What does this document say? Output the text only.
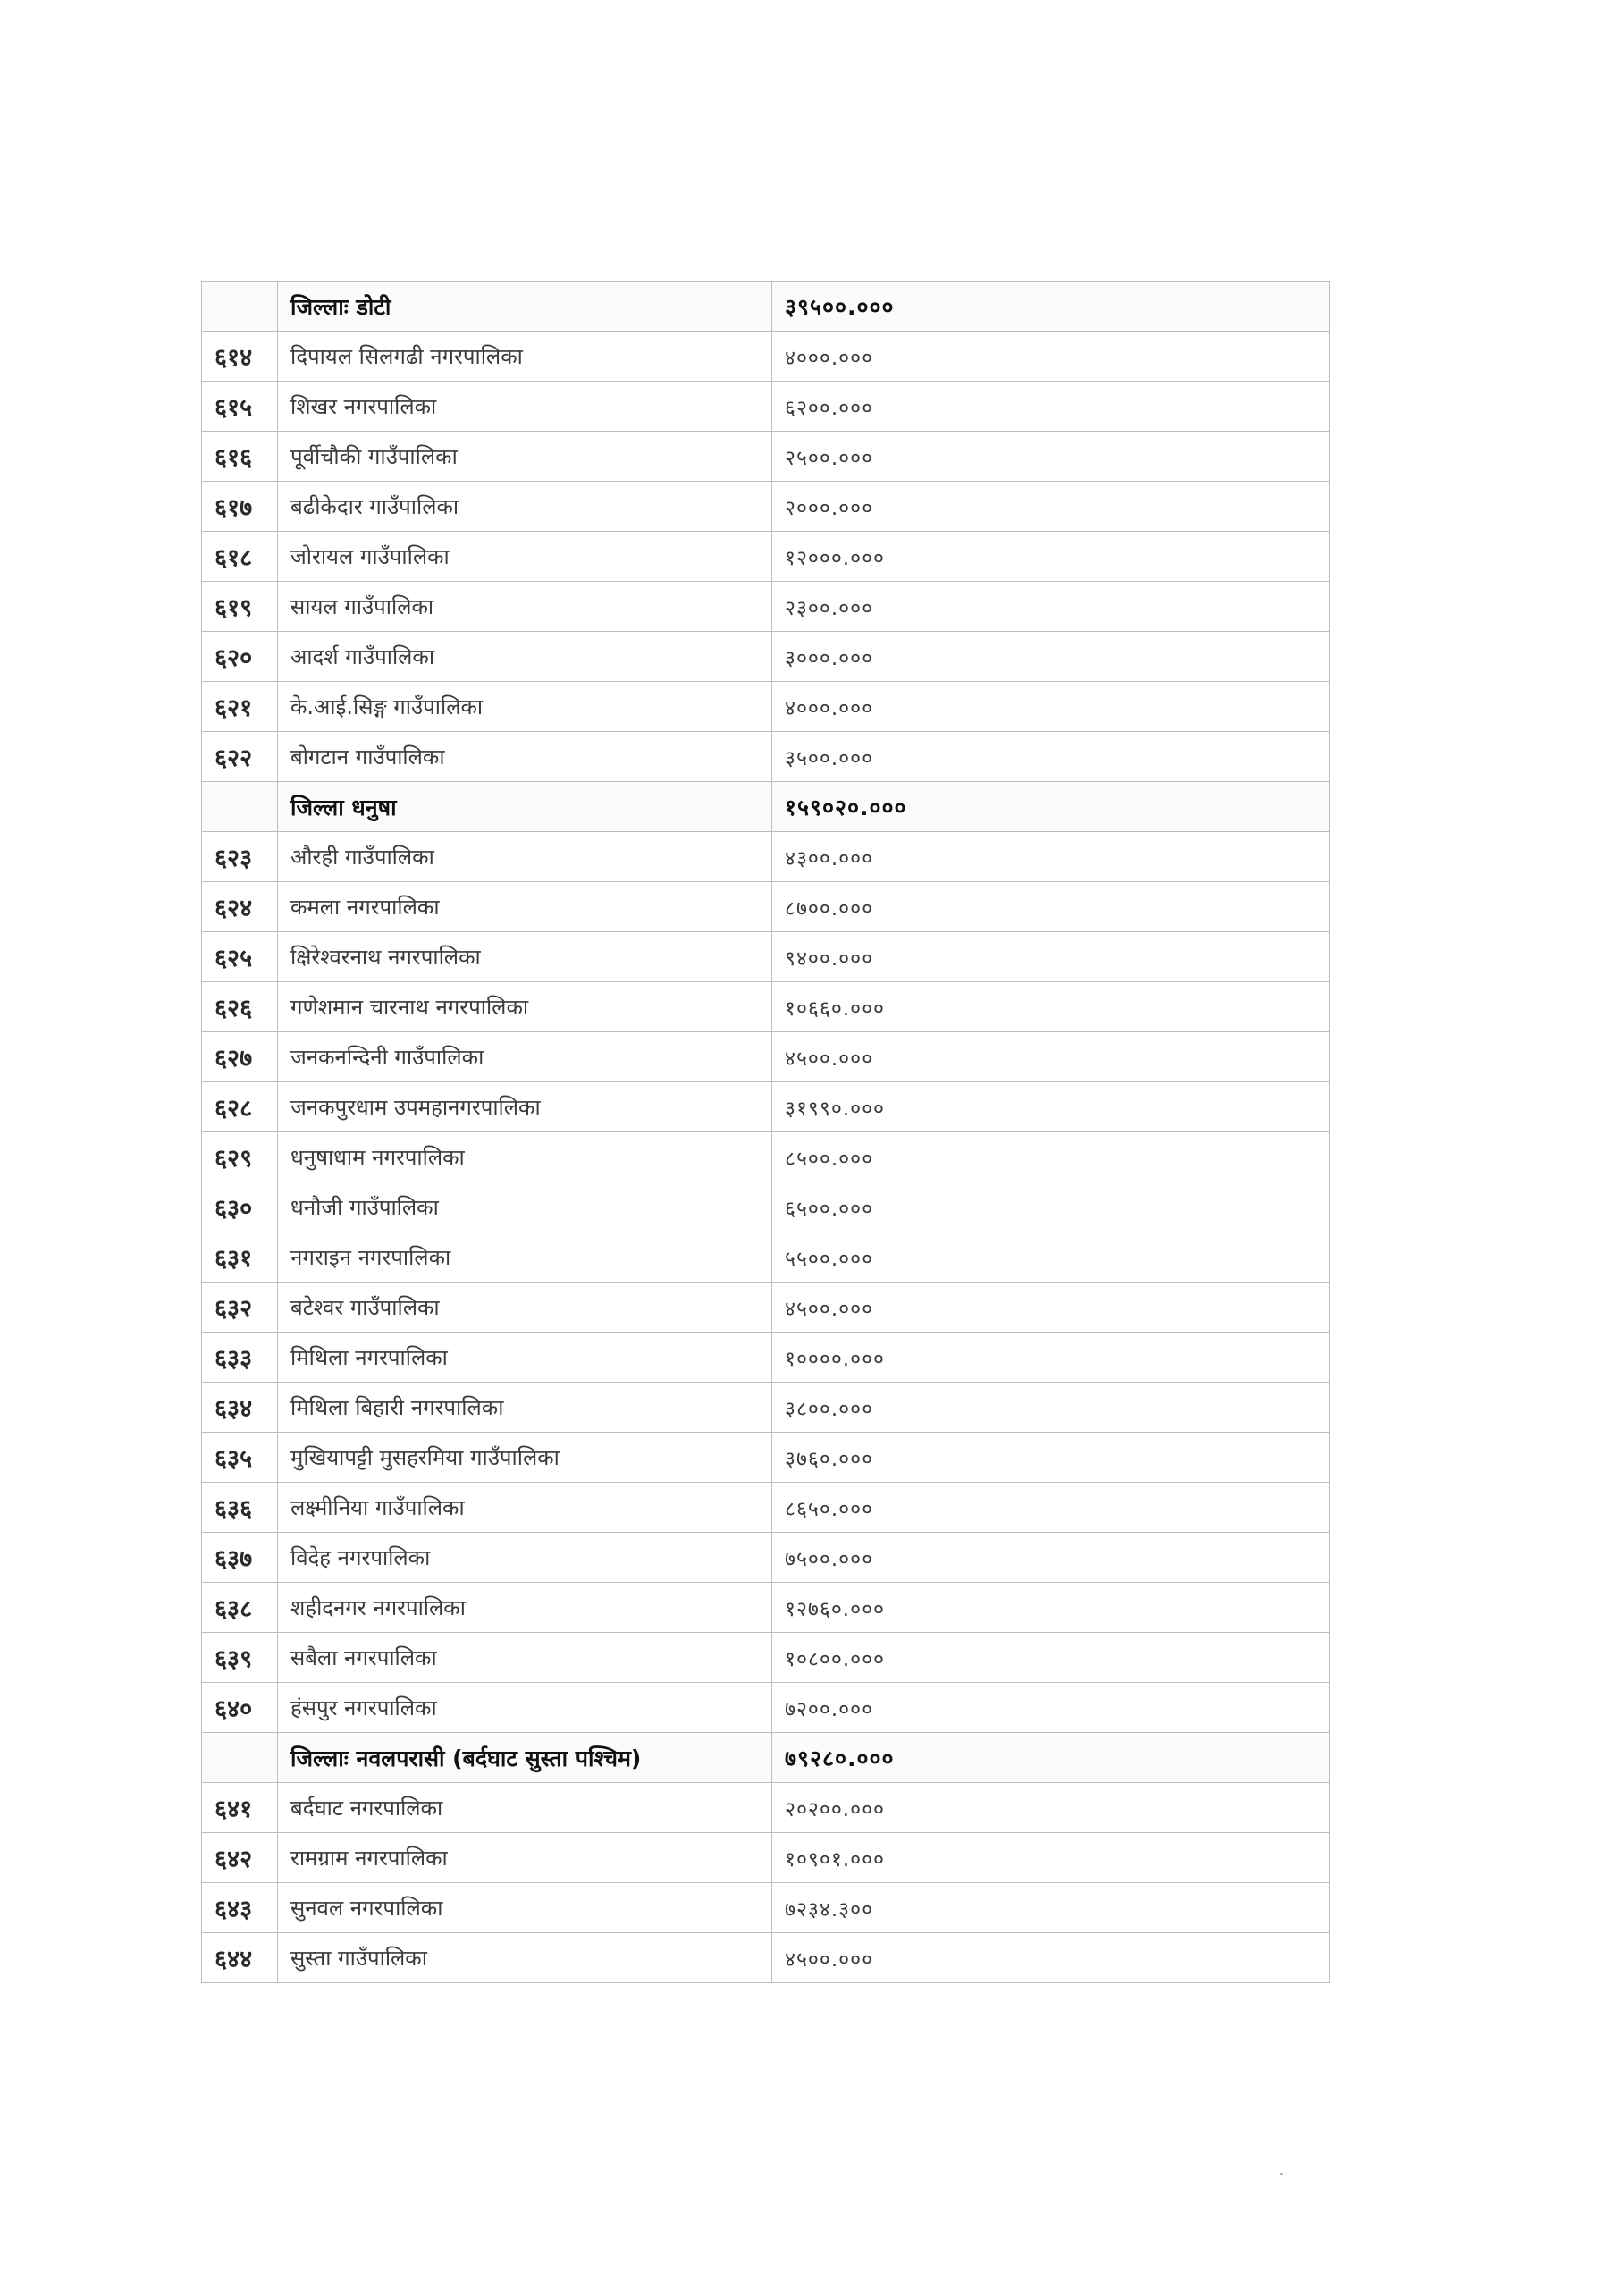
	जिल्लाः डोटी	३९५००.०००
६१४	दिपायल सिलगढी नगरपालिका	४०००.०००
६१५	शिखर नगरपालिका	६२००.०००
६१६	पूर्वीचौकी गाउँपालिका	२५००.०००
६१७	बढीकेदार गाउँपालिका	२०००.०००
६१८	जोरायल गाउँपालिका	१२०००.०००
६१९	सायल गाउँपालिका	२३००.०००
६२०	आदर्श गाउँपालिका	३०००.०००
६२१	के.आई.सिङ्ग गाउँपालिका	४०००.०००
६२२	बोगटान गाउँपालिका	३५००.०००
	जिल्ला धनुषा	१५९०२०.०००
६२३	औरही गाउँपालिका	४३००.०००
६२४	कमला नगरपालिका	८७००.०००
६२५	क्षिरेश्वरनाथ नगरपालिका	९४००.०००
६२६	गणेशमान चारनाथ नगरपालिका	१०६६०.०००
६२७	जनकनन्दिनी गाउँपालिका	४५००.०००
६२८	जनकपुरधाम उपमहानगरपालिका	३१९९०.०००
६२९	धनुषाधाम नगरपालिका	८५००.०००
६३०	धनौजी गाउँपालिका	६५००.०००
६३१	नगराइन नगरपालिका	५५००.०००
६३२	बटेश्वर गाउँपालिका	४५००.०००
६३३	मिथिला नगरपालिका	१००००.०००
६३४	मिथिला बिहारी नगरपालिका	३८००.०००
६३५	मुखियापट्टी मुसहरमिया गाउँपालिका	३७६०.०००
६३६	लक्ष्मीनिया गाउँपालिका	८६५०.०००
६३७	विदेह नगरपालिका	७५००.०००
६३८	शहीदनगर नगरपालिका	१२७६०.०००
६३९	सबैला नगरपालिका	१०८००.०००
६४०	हंसपुर नगरपालिका	७२००.०००
	जिल्लाः नवलपरासी (बर्दघाट सुस्ता पश्चिम)	७९२८०.०००
६४१	बर्दघाट नगरपालिका	२०२००.०००
६४२	रामग्राम नगरपालिका	१०९०१.०००
६४३	सुनवल नगरपालिका	७२३४.३००
६४४	सुस्ता गाउँपालिका	४५००.०००
